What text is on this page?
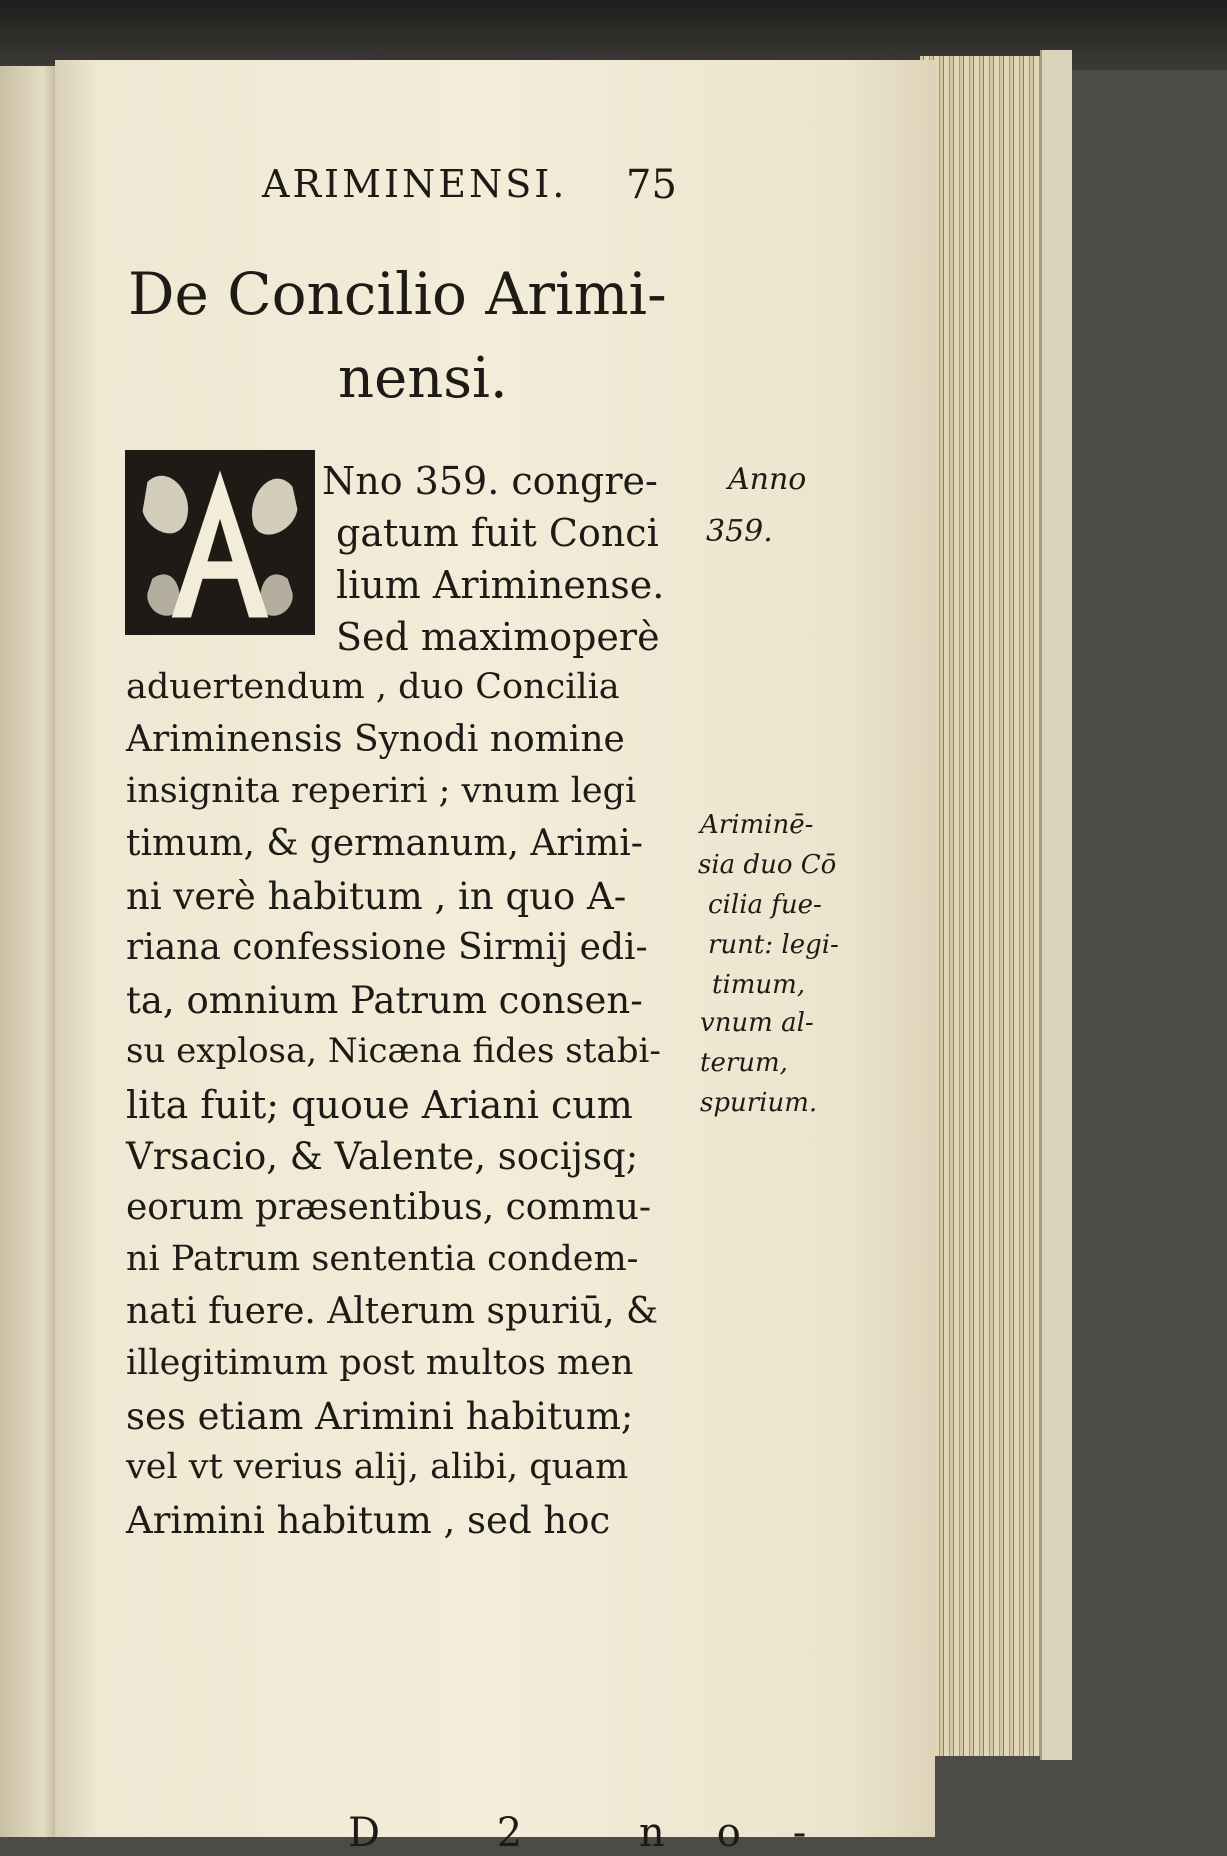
ARIMINENSI. 75
De Concilio Arimi-
nensi.
A
Nno 359. congre-
gatum fuit Conci
lium Ariminense.
Sed maximoperè
aduertendum , duo Concilia
Ariminensis Synodi nomine
insignita reperiri ; vnum legi
timum, & germanum, Arimi-
ni verè habitum , in quo A-
riana confessione Sirmij edi-
ta, omnium Patrum consen-
su explosa, Nicæna fides stabi-
lita fuit; quoue Ariani cum
Vrsacio, & Valente, socijsq;
eorum præsentibus, commu-
ni Patrum sententia condem-
nati fuere. Alterum spuriū, &
illegitimum post multos men
ses etiam Arimini habitum;
vel vt verius alij, alibi, quam
Arimini habitum , sed hoc
D 2 no-
Anno
359.
Ariminē-
sia duo Cō
cilia fue-
runt: legi-
timum,
vnum al-
terum,
spurium.
